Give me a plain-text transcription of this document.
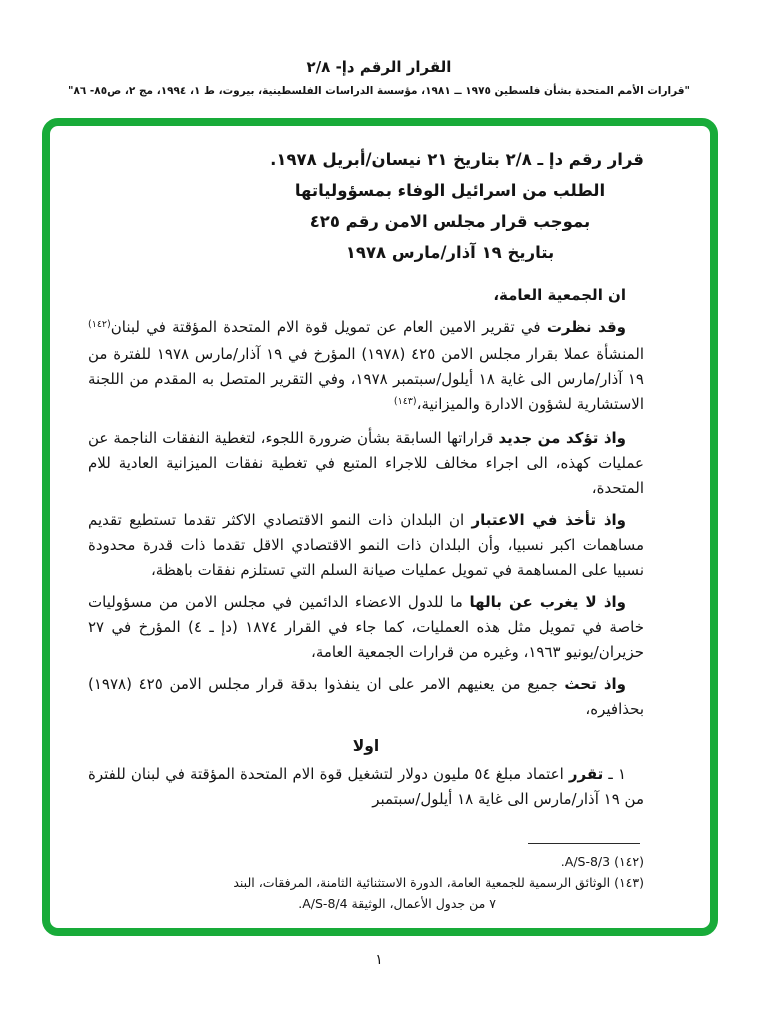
القرار الرقم دإ- ٢/٨
"قرارات الأمم المتحدة بشأن فلسطين ١٩٧٥ ــ ١٩٨١، مؤسسة الدراسات الفلسطينية، بيروت، ط ١، ١٩٩٤، مج ٢، ص٨٥- ٨٦"
قرار رقم دإ ـ ٢/٨ بتاريخ ٢١ نيسان/أبريل ١٩٧٨.
الطلب من اسرائيل الوفاء بمسؤولياتها
بموجب قرار مجلس الامن رقم ٤٢٥
بتاريخ ١٩ آذار/مارس ١٩٧٨
ان الجمعية العامة،
وقد نظرت في تقرير الامين العام عن تمويل قوة الام المتحدة المؤقتة في لبنان$^{(١٤٢)}$ المنشأة عملا بقرار مجلس الامن ٤٢٥ (١٩٧٨) المؤرخ في ١٩ آذار/مارس ١٩٧٨ للفترة من ١٩ آذار/مارس الى غاية ١٨ أيلول/سبتمبر ١٩٧٨، وفي التقرير المتصل به المقدم من اللجنة الاستشارية لشؤون الادارة والميزانية،$^{(١٤٣)}$
واذ تؤكد من جديد قراراتها السابقة بشأن ضرورة اللجوء، لتغطية النفقات الناجمة عن عمليات كهذه، الى اجراء مخالف للاجراء المتبع في تغطية نفقات الميزانية العادية للام المتحدة،
واذ تأخذ في الاعتبار ان البلدان ذات النمو الاقتصادي الاكثر تقدما تستطيع تقديم مساهمات اكبر نسبيا، وأن البلدان ذات النمو الاقتصادي الاقل تقدما ذات قدرة محدودة نسبيا على المساهمة في تمويل عمليات صيانة السلم التي تستلزم نفقات باهظة،
واذ لا يغرب عن بالها ما للدول الاعضاء الدائمين في مجلس الامن من مسؤوليات خاصة في تمويل مثل هذه العمليات، كما جاء في القرار ١٨٧٤ (دإ ـ ٤) المؤرخ في ٢٧ حزيران/يونيو ١٩٦٣، وغيره من قرارات الجمعية العامة،
واذ تحث جميع من يعنيهم الامر على ان ينفذوا بدقة قرار مجلس الامن ٤٢٥ (١٩٧٨) بحذافيره،
اولا
١ ـ تقرر اعتماد مبلغ ٥٤ مليون دولار لتشغيل قوة الام المتحدة المؤقتة في لبنان للفترة من ١٩ آذار/مارس الى غاية ١٨ أيلول/سبتمبر
(١٤٢) A/S-8/3.
(١٤٣) الوثائق الرسمية للجمعية العامة، الدورة الاستثنائية الثامنة، المرفقات، البند
٧ من جدول الأعمال، الوثيقة A/S-8/4.
١
